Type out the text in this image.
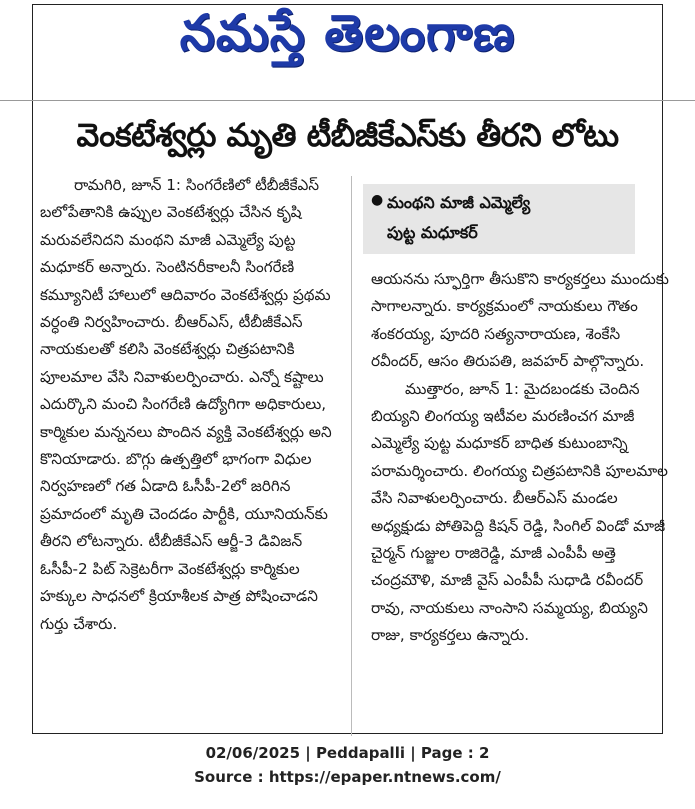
నమస్తే తెలంగాణ
వెంకటేశ్వర్లు మృతి టీబీజీకేఎస్‌కు తీరని లోటు

రామగిరి, జూన్ 1: సింగరేణిలో టీబీజీకేఎస్ బలోపేతానికి ఉప్పుల వెంకటేశ్వర్లు చేసిన కృషి మరువలేనిదని మంథని మాజీ ఎమ్మెల్యే పుట్ట మధూకర్ అన్నారు. సెంటినరీకాలనీ సింగరేణి కమ్యూనిటీ హాలులో ఆదివారం వెంకటేశ్వర్లు ప్రథమ వర్ధంతి నిర్వహించారు. బీఆర్ఎస్, టీబీజీకేఎస్ నాయకులతో కలిసి వెంకటేశ్వర్లు చిత్రపటానికి పూలమాల వేసి నివాళులర్పించారు. ఎన్నో కష్టాలు ఎదుర్కొని మంచి సింగరేణి ఉద్యోగిగా అధికారులు, కార్మికుల మన్ననలు పొందిన వ్యక్తి వెంకటేశ్వర్లు అని కొనియాడారు. బొగ్గు ఉత్పత్తిలో భాగంగా విధుల నిర్వహణలో గత ఏడాది ఓసీపీ-2లో జరిగిన ప్రమాదంలో మృతి చెందడం పార్టీకి, యూనియన్‌కు తీరని లోటన్నారు. టీబీజీకేఎస్ ఆర్జీ-3 డివిజన్ ఓసీపీ-2 పిట్ సెక్రెటరీగా వెంకటేశ్వర్లు కార్మికుల హక్కుల సాధనలో క్రియాశీలక పాత్ర పోషించాడని గుర్తు చేశారు.

● మంథని మాజీ ఎమ్మెల్యే
పుట్ట మధూకర్

ఆయనను స్ఫూర్తిగా తీసుకొని కార్యకర్తలు ముందుకు సాగాలన్నారు. కార్యక్రమంలో నాయకులు గౌతం శంకరయ్య, పూదరి సత్యనారాయణ, శెంకేసి రవీందర్, ఆసం తిరుపతి, జవహర్ పాల్గొన్నారు.

ముత్తారం, జూన్ 1: మైదబండకు చెందిన బియ్యని లింగయ్య ఇటీవల మరణించగ మాజీ ఎమ్మెల్యే పుట్ట మధూకర్ బాధిత కుటుంబాన్ని పరామర్శించారు. లింగయ్య చిత్రపటానికి పూలమాల వేసి నివాళులర్పించారు. బీఆర్ఎస్ మండల అధ్యక్షుడు పోతిపెద్ది కిషన్ రెడ్డి, సింగిల్ విండో మాజీ చైర్మన్ గుజ్జుల రాజిరెడ్డి, మాజీ ఎంపీపీ అత్తె చంద్రమౌళి, మాజీ వైస్ ఎంపీపీ సుధాడి రవీందర్ రావు, నాయకులు నాంసాని సమ్మయ్య, బియ్యని రాజు, కార్యకర్తలు ఉన్నారు.

02/06/2025 | Peddapalli | Page : 2
Source : https://epaper.ntnews.com/
